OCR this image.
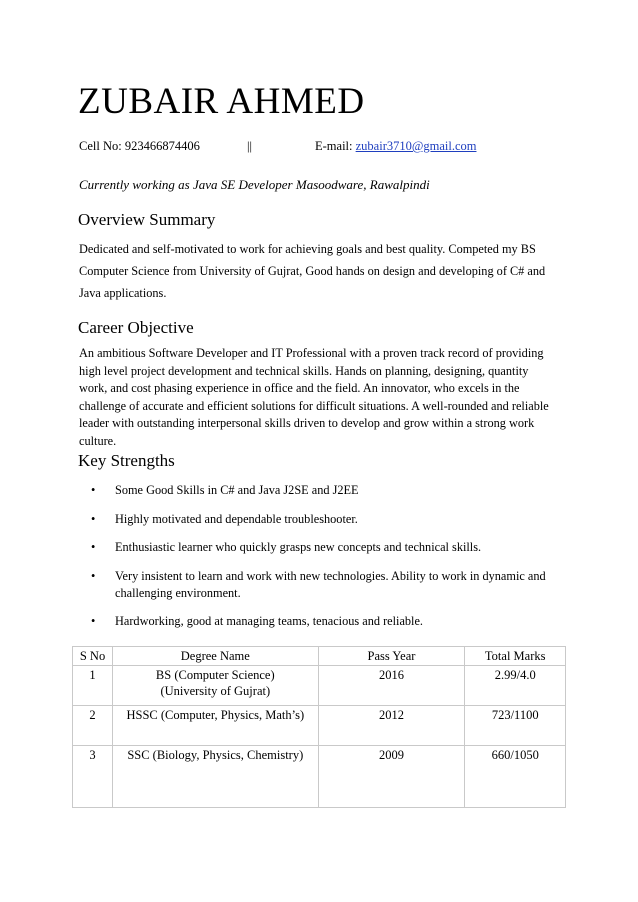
ZUBAIR AHMED
Cell No: 923466874406	||	E-mail: zubair3710@gmail.com
Currently working as Java SE Developer Masoodware, Rawalpindi
Overview Summary

Dedicated and self-motivated to work for achieving goals and best quality. Competed my BS Computer Science from University of Gujrat, Good hands on design and developing of C# and Java applications.

Career Objective

An ambitious Software Developer and IT Professional with a proven track record of providing high level project development and technical skills. Hands on planning, designing, quantity work, and cost phasing experience in office and the field. An innovator, who excels in the challenge of accurate and efficient solutions for difficult situations. A well-rounded and reliable leader with outstanding interpersonal skills driven to develop and grow within a strong work culture.

Key Strengths
• Some Good Skills in C# and Java J2SE and J2EE
• Highly motivated and dependable troubleshooter.
• Enthusiastic learner who quickly grasps new concepts and technical skills.
• Very insistent to learn and work with new technologies. Ability to work in dynamic and challenging environment.
• Hardworking, good at managing teams, tenacious and reliable.
S No	Degree Name	Pass Year	Total Marks
1	BS (Computer Science)
(University of Gujrat)	2016	2.99/4.0
2	HSSC (Computer, Physics, Math’s)	2012	723/1100
3	SSC (Biology, Physics, Chemistry)	2009	660/1050
